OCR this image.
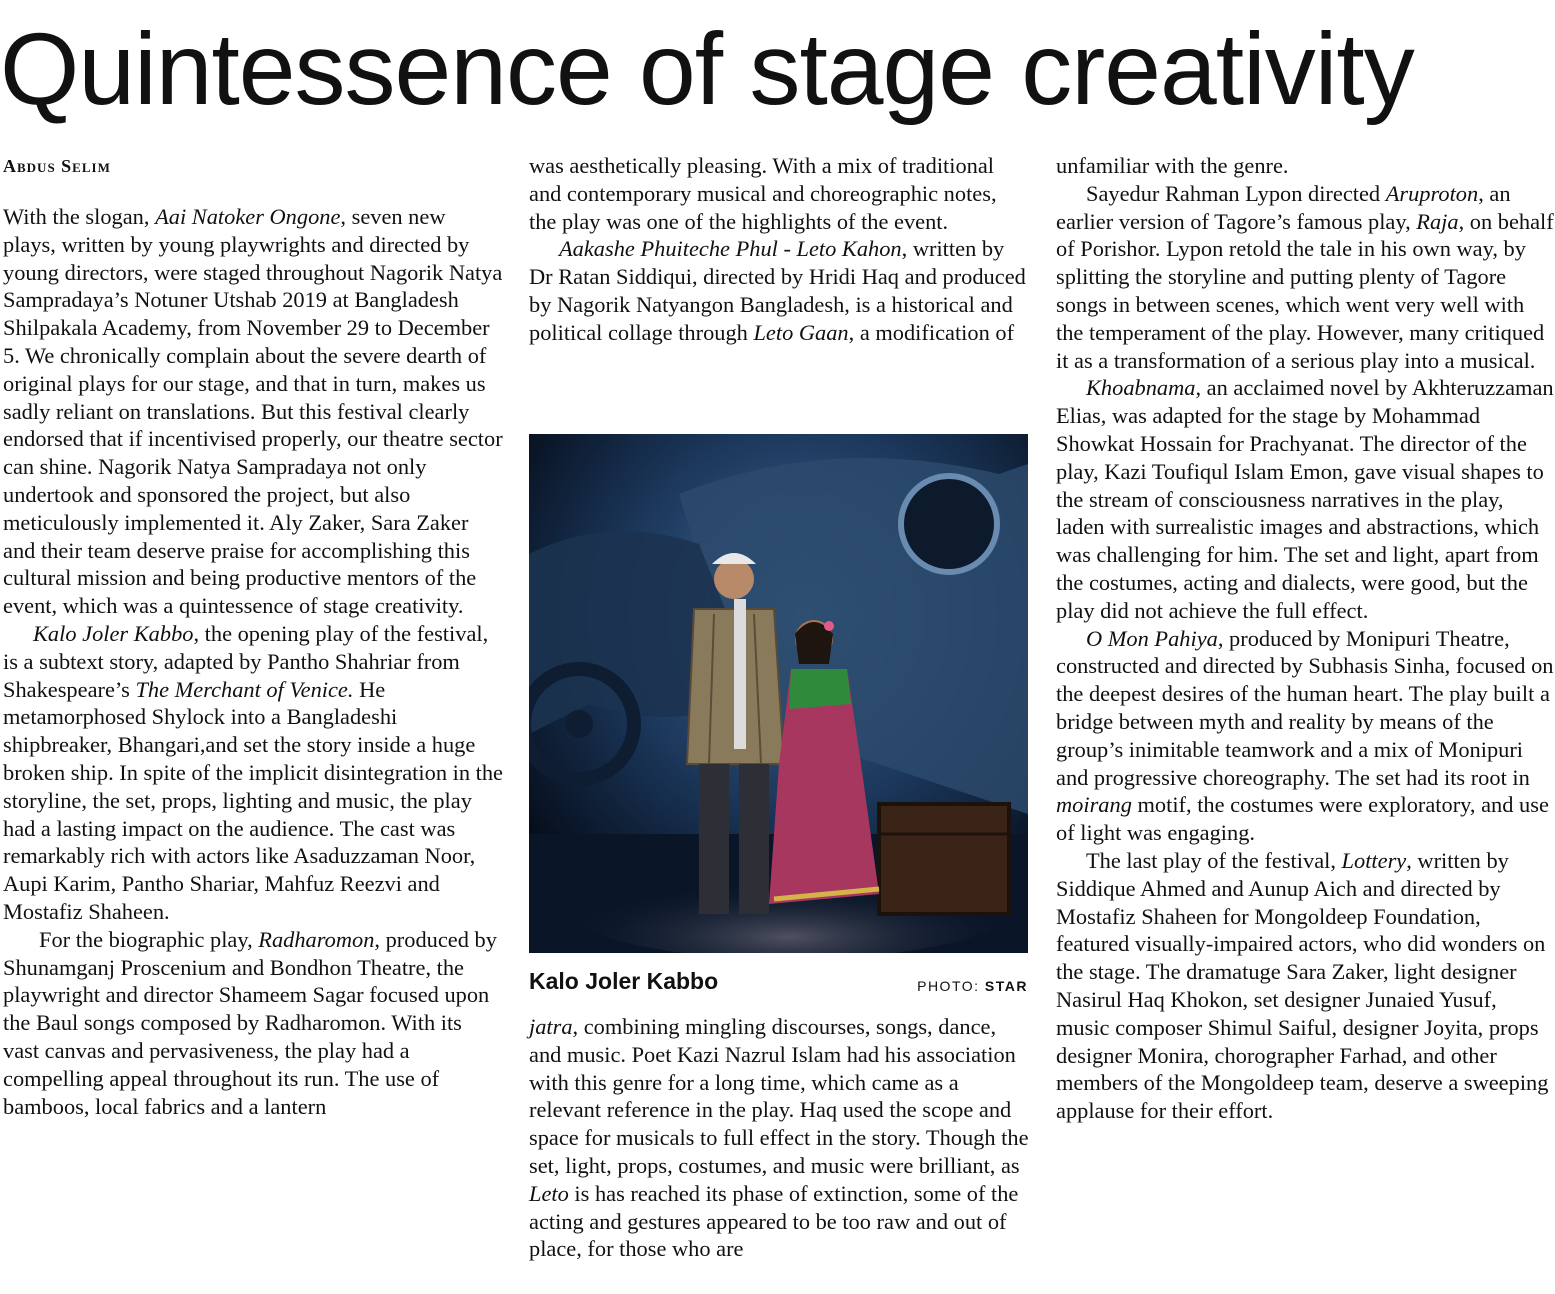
Quintessence of stage creativity
Abdus Selim

With the slogan, Aai Natoker Ongone, seven new plays, written by young playwrights and directed by young directors, were staged throughout Nagorik Natya Sampradaya’s Notuner Utshab 2019 at Bangladesh Shilpakala Academy, from November 29 to December 5. We chronically complain about the severe dearth of original plays for our stage, and that in turn, makes us sadly reliant on translations. But this festival clearly endorsed that if incentivised properly, our theatre sector can shine. Nagorik Natya Sampradaya not only undertook and sponsored the project, but also meticulously implemented it. Aly Zaker, Sara Zaker and their team deserve praise for accomplishing this cultural mission and being productive mentors of the event, which was a quintessence of stage creativity.

Kalo Joler Kabbo, the opening play of the festival, is a subtext story, adapted by Pantho Shahriar from Shakespeare’s The Merchant of Venice. He metamorphosed Shylock into a Bangladeshi shipbreaker, Bhangari,and set the story inside a huge broken ship. In spite of the implicit disintegration in the storyline, the set, props, lighting and music, the play had a lasting impact on the audience. The cast was remarkably rich with actors like Asaduzzaman Noor, Aupi Karim, Pantho Shariar, Mahfuz Reezvi and Mostafiz Shaheen.

For the biographic play, Radharomon, produced by Shunamganj Proscenium and Bondhon Theatre, the playwright and director Shameem Sagar focused upon the Baul songs composed by Radharomon. With its vast canvas and pervasiveness, the play had a compelling appeal throughout its run. The use of bamboos, local fabrics and a lantern

was aesthetically pleasing. With a mix of traditional and contemporary musical and choreographic notes, the play was one of the highlights of the event.

Aakashe Phuiteche Phul - Leto Kahon, written by Dr Ratan Siddiqui, directed by Hridi Haq and produced by Nagorik Natyangon Bangladesh, is a historical and political collage through Leto Gaan, a modification of

Kalo Joler Kabbo	PHOTO: STAR

jatra, combining mingling discourses, songs, dance, and music. Poet Kazi Nazrul Islam had his association with this genre for a long time, which came as a relevant reference in the play. Haq used the scope and space for musicals to full effect in the story. Though the set, light, props, costumes, and music were brilliant, as Leto is has reached its phase of extinction, some of the acting and gestures appeared to be too raw and out of place, for those who are

unfamiliar with the genre.

Sayedur Rahman Lypon directed Aruproton, an earlier version of Tagore’s famous play, Raja, on behalf of Porishor. Lypon retold the tale in his own way, by splitting the storyline and putting plenty of Tagore songs in between scenes, which went very well with the temperament of the play. However, many critiqued it as a transformation of a serious play into a musical.

Khoabnama, an acclaimed novel by Akhteruzzaman Elias, was adapted for the stage by Mohammad Showkat Hossain for Prachyanat. The director of the play, Kazi Toufiqul Islam Emon, gave visual shapes to the stream of consciousness narratives in the play, laden with surrealistic images and abstractions, which was challenging for him. The set and light, apart from the costumes, acting and dialects, were good, but the play did not achieve the full effect.

O Mon Pahiya, produced by Monipuri Theatre, constructed and directed by Subhasis Sinha, focused on the deepest desires of the human heart. The play built a bridge between myth and reality by means of the group’s inimitable teamwork and a mix of Monipuri and progressive choreography. The set had its root in moirang motif, the costumes were exploratory, and use of light was engaging.

The last play of the festival, Lottery, written by Siddique Ahmed and Aunup Aich and directed by Mostafiz Shaheen for Mongoldeep Foundation, featured visually-impaired actors, who did wonders on the stage. The dramatuge Sara Zaker, light designer Nasirul Haq Khokon, set designer Junaied Yusuf, music composer Shimul Saiful, designer Joyita, props designer Monira, chorographer Farhad, and other members of the Mongoldeep team, deserve a sweeping applause for their effort.
